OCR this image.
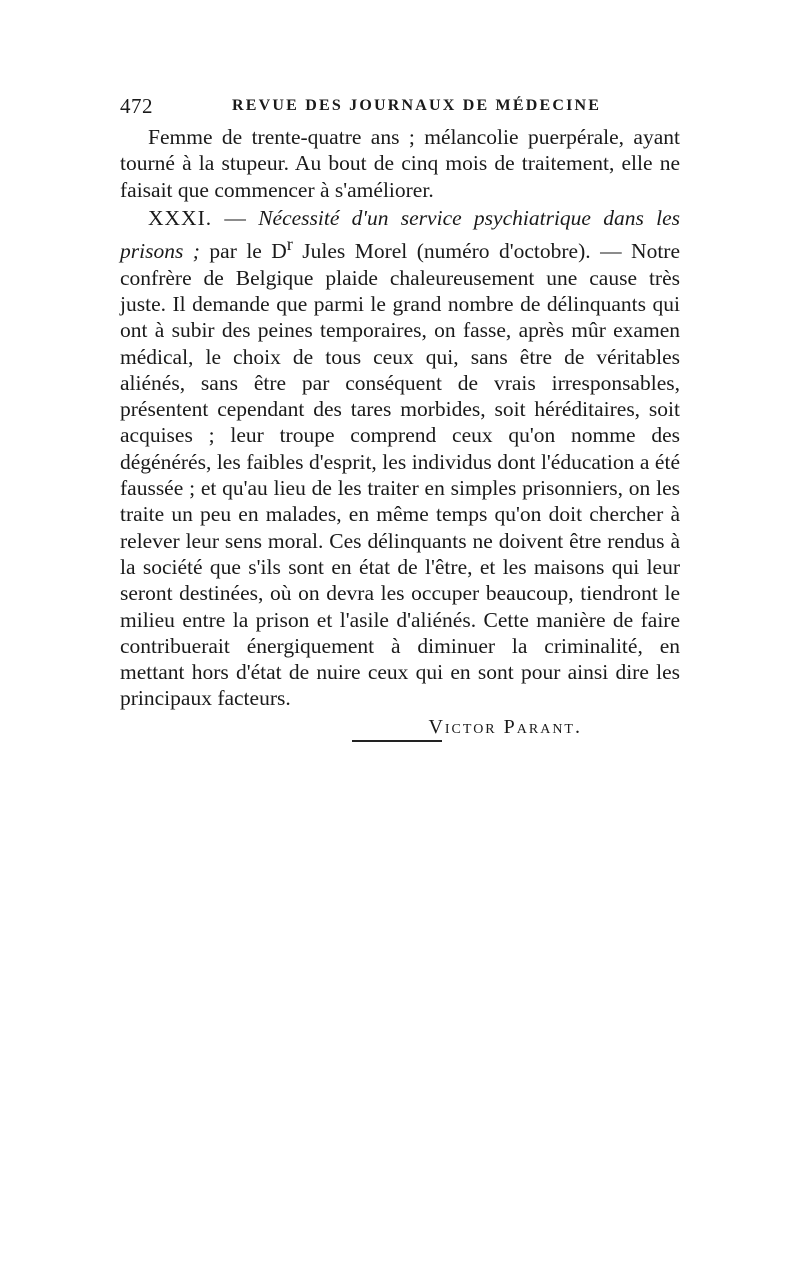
472	REVUE DES JOURNAUX DE MÉDECINE

Femme de trente-quatre ans ; mélancolie puerpérale, ayant tourné à la stupeur. Au bout de cinq mois de traitement, elle ne faisait que commencer à s'améliorer.

XXXI. — Nécessité d'un service psychiatrique dans les prisons ; par le $D^r$ Jules Morel (numéro d'octobre). — Notre confrère de Belgique plaide chaleureusement une cause très juste. Il demande que parmi le grand nombre de délinquants qui ont à subir des peines temporaires, on fasse, après mûr examen médical, le choix de tous ceux qui, sans être de véritables aliénés, sans être par conséquent de vrais irresponsables, présentent cependant des tares morbides, soit héréditaires, soit acquises ; leur troupe comprend ceux qu'on nomme des dégénérés, les faibles d'esprit, les individus dont l'éducation a été faussée ; et qu'au lieu de les traiter en simples prisonniers, on les traite un peu en malades, en même temps qu'on doit chercher à relever leur sens moral. Ces délinquants ne doivent être rendus à la société que s'ils sont en état de l'être, et les maisons qui leur seront destinées, où on devra les occuper beaucoup, tiendront le milieu entre la prison et l'asile d'aliénés. Cette manière de faire contribuerait énergiquement à diminuer la criminalité, en mettant hors d'état de nuire ceux qui en sont pour ainsi dire les principaux facteurs.

Victor Parant.
